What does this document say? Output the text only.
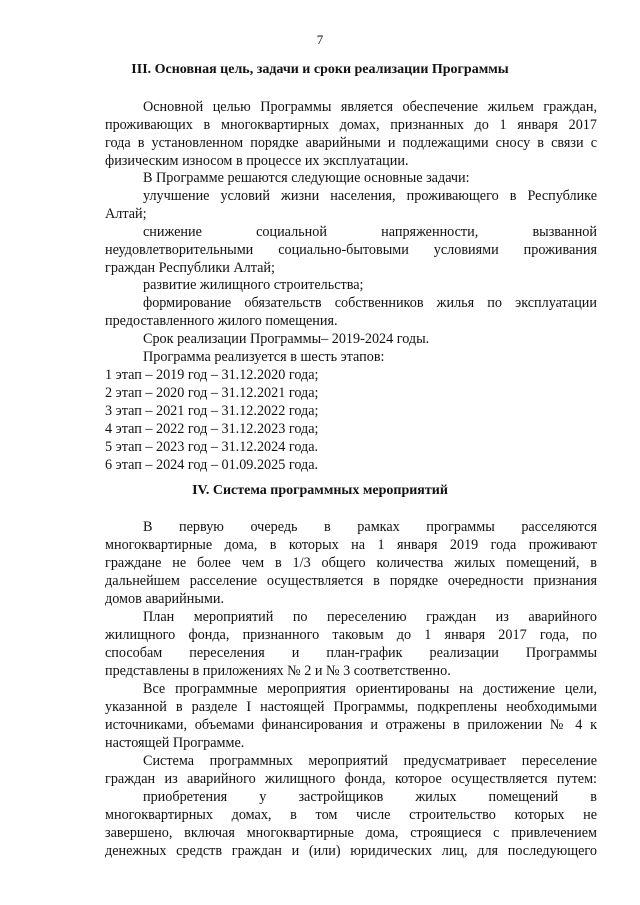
7
III. Основная цель, задачи и сроки реализации Программы
Основной целью Программы является обеспечение жильем граждан,
проживающих в многоквартирных домах, признанных до 1 января 2017
года в установленном порядке аварийными и подлежащими сносу в связи с
физическим износом в процессе их эксплуатации.
В Программе решаются следующие основные задачи:
улучшение условий жизни населения, проживающего в Республике
Алтай;
снижение социальной напряженности, вызванной
неудовлетворительными социально-бытовыми условиями проживания
граждан Республики Алтай;
развитие жилищного строительства;
формирование обязательств собственников жилья по эксплуатации
предоставленного жилого помещения.
Срок реализации Программы– 2019-2024 годы.
Программа реализуется в шесть этапов:
1 этап – 2019 год – 31.12.2020 года;
2 этап – 2020 год – 31.12.2021 года;
3 этап – 2021 год – 31.12.2022 года;
4 этап – 2022 год – 31.12.2023 года;
5 этап – 2023 год – 31.12.2024 года.
6 этап – 2024 год – 01.09.2025 года.
IV. Система программных мероприятий
В первую очередь в рамках программы расселяются
многоквартирные дома, в которых на 1 января 2019 года проживают
граждане не более чем в 1/3 общего количества жилых помещений, в
дальнейшем расселение осуществляется в порядке очередности признания
домов аварийными.
План мероприятий по переселению граждан из аварийного
жилищного фонда, признанного таковым до 1 января 2017 года, по
способам переселения и план-график реализации Программы
представлены в приложениях № 2 и № 3 соответственно.
Все программные мероприятия ориентированы на достижение цели,
указанной в разделе I настоящей Программы, подкреплены необходимыми
источниками, объемами финансирования и отражены в приложении № 4 к
настоящей Программе.
Система программных мероприятий предусматривает переселение
граждан из аварийного жилищного фонда, которое осуществляется путем:
приобретения у застройщиков жилых помещений в
многоквартирных домах, в том числе строительство которых не
завершено, включая многоквартирные дома, строящиеся с привлечением
денежных средств граждан и (или) юридических лиц, для последующего
